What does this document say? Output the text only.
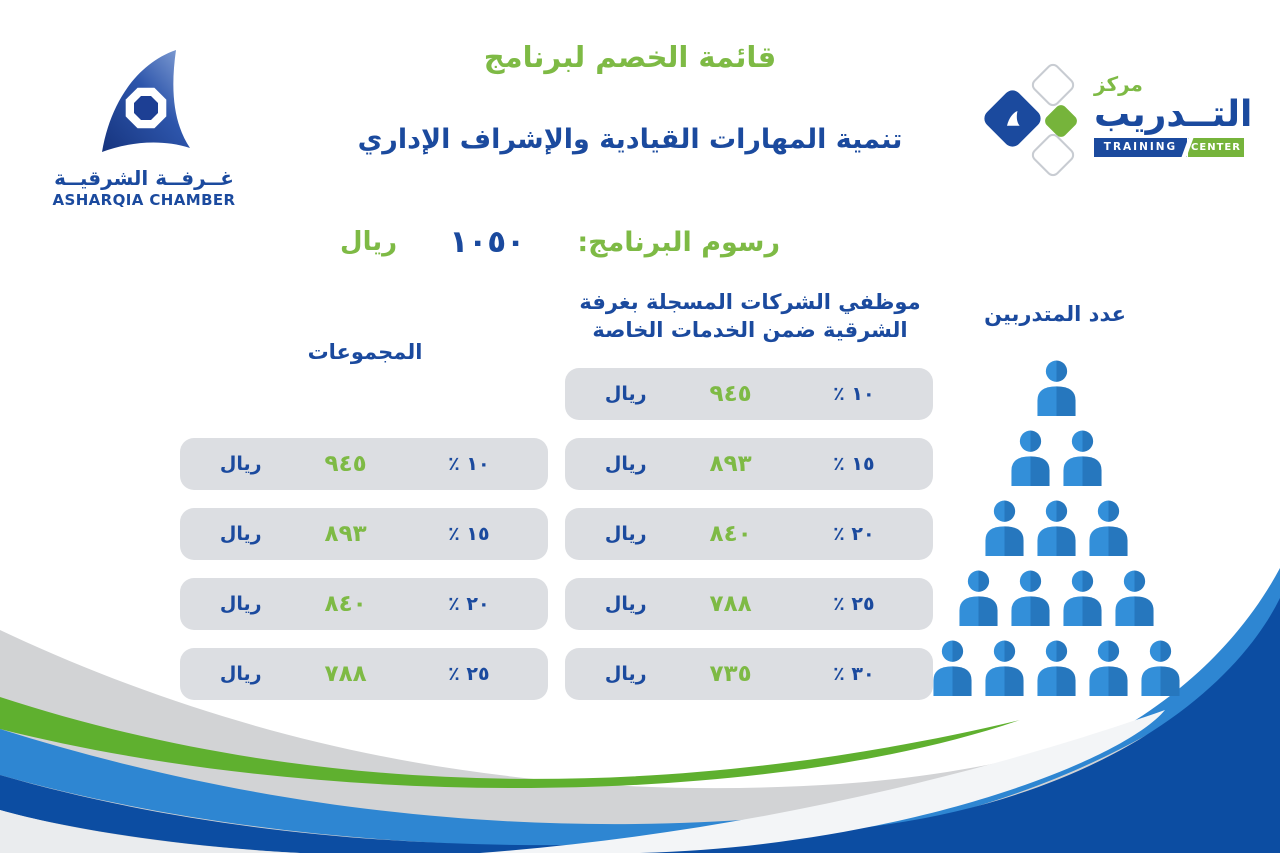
غــرفــة الشرقيــة
ASHARQIA CHAMBER
قائمة الخصم لبرنامج
تنمية المهارات القيادية والإشراف الإداري
مركز
التــدريب
TRAINING	CENTER
رسوم البرنامج:
١٠٥٠
ريال
موظفي الشركات المسجلة بغرفة
الشرقية ضمن الخدمات الخاصة
عدد المتدربين
المجموعات
ريال	٩٤٥	٪ ١٠
ريال	٨٩٣	٪ ١٥
ريال	٨٤٠	٪ ٢٠
ريال	٧٨٨	٪ ٢٥
ريال	٧٣٥	٪ ٣٠
ريال	٩٤٥	٪ ١٠
ريال	٨٩٣	٪ ١٥
ريال	٨٤٠	٪ ٢٠
ريال	٧٨٨	٪ ٢٥
